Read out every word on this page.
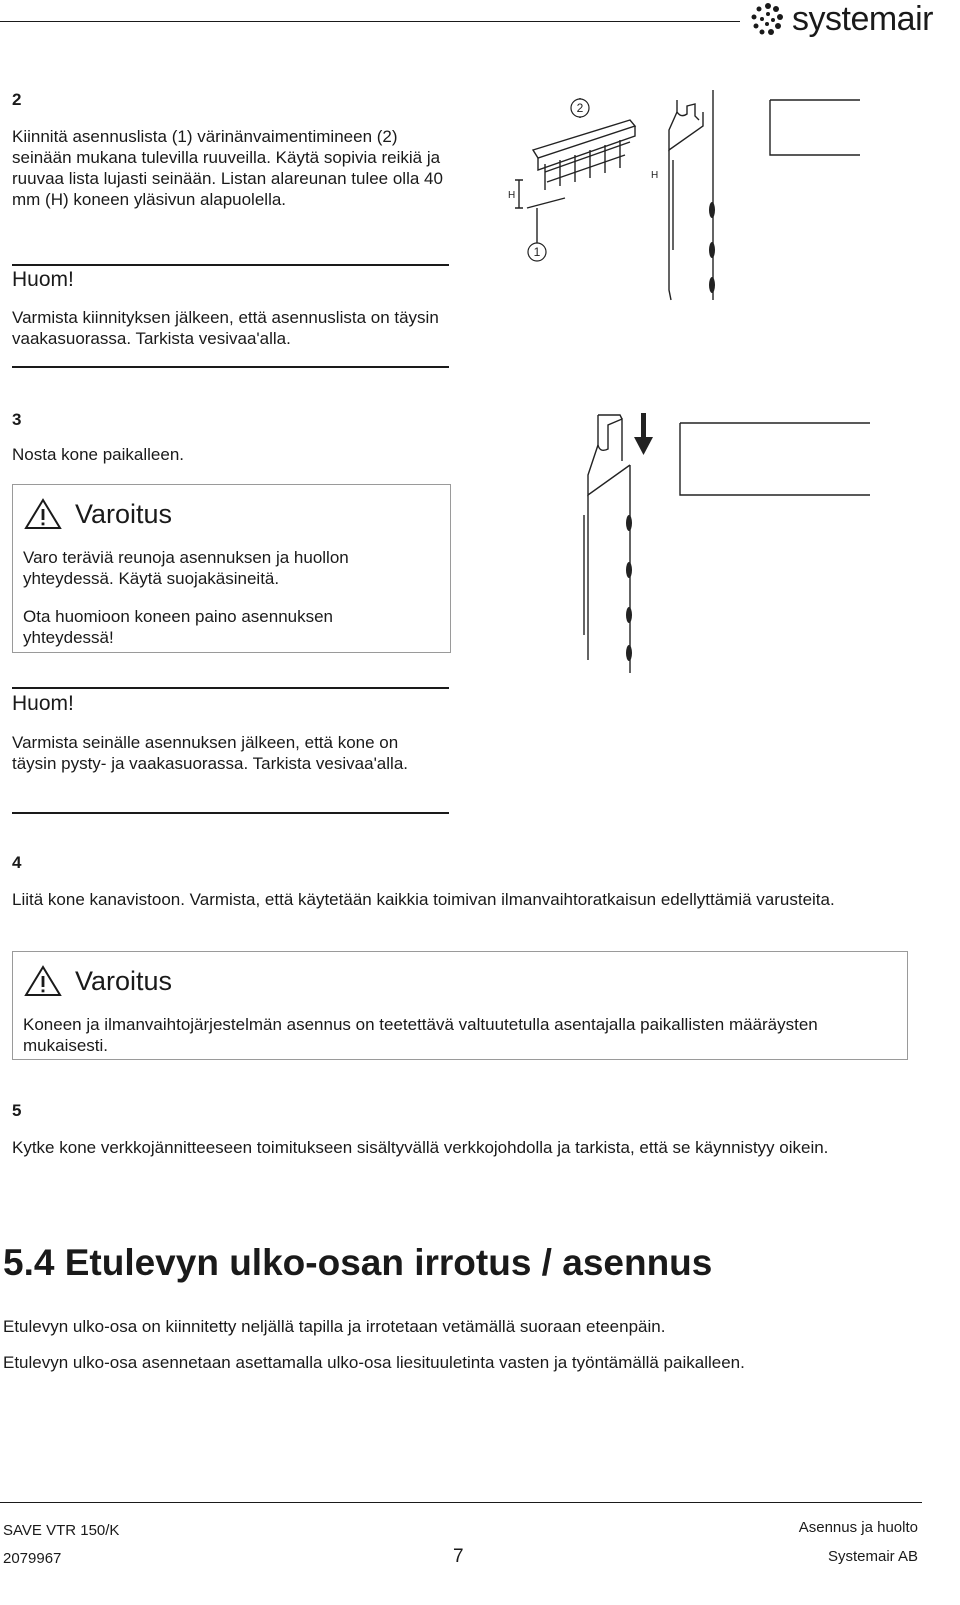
systemair
2
Kiinnitä asennuslista (1) värinänvaimentimineen (2) seinään mukana tulevilla ruuveilla. Käytä sopivia reikiä ja ruuvaa lista lujasti seinään. Listan alareunan tulee olla 40 mm (H) koneen yläsivun alapuolella.
Huom!
Varmista kiinnityksen jälkeen, että asennuslista on täysin vaakasuorassa. Tarkista vesivaa'alla.
2
1
H
H
3
Nosta kone paikalleen.
Varoitus
Varo teräviä reunoja asennuksen ja huollon yhteydessä. Käytä suojakäsineitä.
Ota huomioon koneen paino asennuksen yhteydessä!
Huom!
Varmista seinälle asennuksen jälkeen, että kone on täysin pysty- ja vaakasuorassa. Tarkista vesivaa'alla.
4
Liitä kone kanavistoon. Varmista, että käytetään kaikkia toimivan ilmanvaihtoratkaisun edellyttämiä varusteita.
Varoitus
Koneen ja ilmanvaihtojärjestelmän asennus on teetettävä valtuutetulla asentajalla paikallisten määräysten mukaisesti.
5
Kytke kone verkkojännitteeseen toimitukseen sisältyvällä verkkojohdolla ja tarkista, että se käynnistyy oikein.
5.4 Etulevyn ulko-osan irrotus / asennus
Etulevyn ulko-osa on kiinnitetty neljällä tapilla ja irrotetaan vetämällä suoraan eteenpäin.
Etulevyn ulko-osa asennetaan asettamalla ulko-osa liesituuletinta vasten ja työntämällä paikalleen.
SAVE VTR 150/K
2079967	7
Asennus ja huolto
Systemair AB
